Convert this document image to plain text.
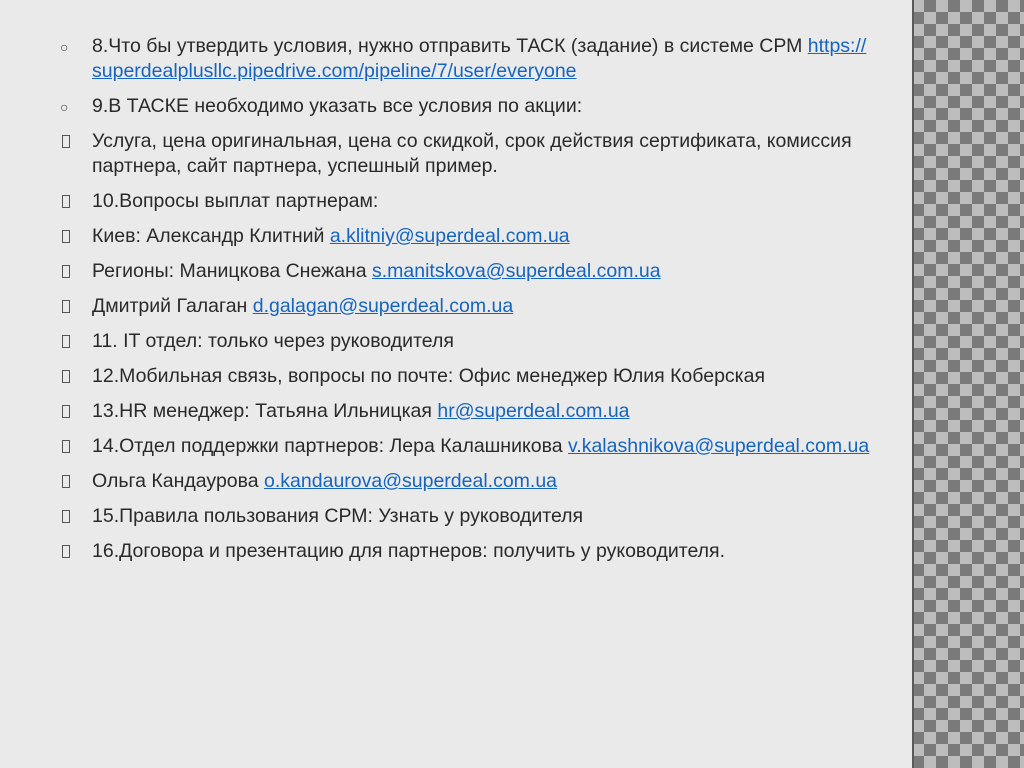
○ 8.Что бы утвердить условия, нужно отправить ТАСК (задание) в системе СРМ https:// superdealplusllc.pipedrive.com/pipeline/7/user/everyone
○ 9.В ТАСКЕ необходимо указать все условия по акции:
Услуга, цена оригинальная, цена со скидкой, срок действия сертификата, комиссия партнера, сайт партнера, успешный пример.
10.Вопросы выплат партнерам:
Киев: Александр Клитний a.klitniy@superdeal.com.ua
Регионы: Маницкова Снежана s.manitskova@superdeal.com.ua
Дмитрий Галаган d.galagan@superdeal.com.ua
11. IT отдел: только через руководителя
12.Мобильная связь, вопросы по почте: Офис менеджер Юлия Коберская
13.HR менеджер: Татьяна Ильницкая hr@superdeal.com.ua
14.Отдел поддержки партнеров: Лера Калашникова v.kalashnikova@superdeal.com.ua
Ольга Кандаурова o.kandaurova@superdeal.com.ua
15.Правила пользования СРМ: Узнать у руководителя
16.Договора и презентацию для партнеров: получить у руководителя.
